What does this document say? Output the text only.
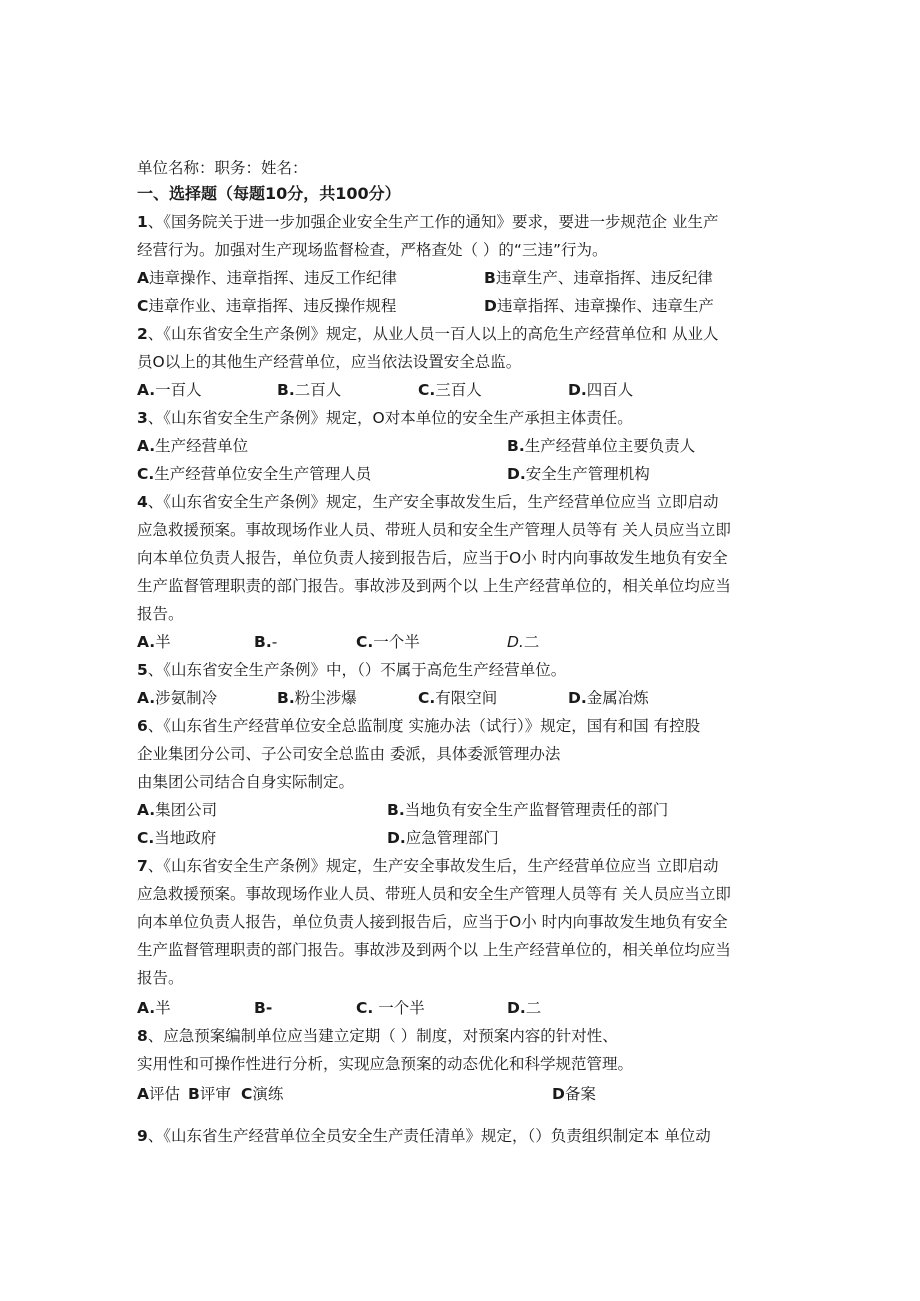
单位名称：职务：姓名：
一、选择题（每题10分，共100分）
1、《国务院关于进一步加强企业安全生产工作的通知》要求，要进一步规范企 业生产
经营行为。加强对生产现场监督检查，严格查处（ ）的“三违”行为。
A违章操作、违章指挥、违反工作纪律	B违章生产、违章指挥、违反纪律
C违章作业、违章指挥、违反操作规程	D违章指挥、违章操作、违章生产
2、《山东省安全生产条例》规定，从业人员一百人以上的高危生产经营单位和 从业人
员O以上的其他生产经营单位，应当依法设置安全总监。
A.一百人	B.二百人	C.三百人	D.四百人
3、《山东省安全生产条例》规定，O对本单位的安全生产承担主体责任。
A.生产经营单位	B.生产经营单位主要负责人
C.生产经营单位安全生产管理人员	D.安全生产管理机构
4、《山东省安全生产条例》规定，生产安全事故发生后，生产经营单位应当 立即启动
应急救援预案。事故现场作业人员、带班人员和安全生产管理人员等有 关人员应当立即
向本单位负责人报告，单位负责人接到报告后，应当于O小 时内向事故发生地负有安全
生产监督管理职责的部门报告。事故涉及到两个以 上生产经营单位的，相关单位均应当
报告。
A.半	B.-	C.一个半	D.二
5、《山东省安全生产条例》中，（）不属于高危生产经营单位。
A.涉氨制冷	B.粉尘涉爆	C.有限空间	D.金属冶炼
6、《山东省生产经营单位安全总监制度 实施办法（试行）》规定，国有和国 有控股
企业集团分公司、子公司安全总监由 委派，具体委派管理办法
由集团公司结合自身实际制定。
A.集团公司	B.当地负有安全生产监督管理责任的部门
C.当地政府	D.应急管理部门
7、《山东省安全生产条例》规定，生产安全事故发生后，生产经营单位应当 立即启动
应急救援预案。事故现场作业人员、带班人员和安全生产管理人员等有 关人员应当立即
向本单位负责人报告，单位负责人接到报告后，应当于O小 时内向事故发生地负有安全
生产监督管理职责的部门报告。事故涉及到两个以 上生产经营单位的，相关单位均应当
报告。
A.半	B-	C. 一个半	D.二
8、应急预案编制单位应当建立定期（ ）制度，对预案内容的针对性、
实用性和可操作性进行分析，实现应急预案的动态优化和科学规范管理。
A评估 B评审 C演练	D备案
9、《山东省生产经营单位全员安全生产责任清单》规定，（）负责组织制定本 单位动
